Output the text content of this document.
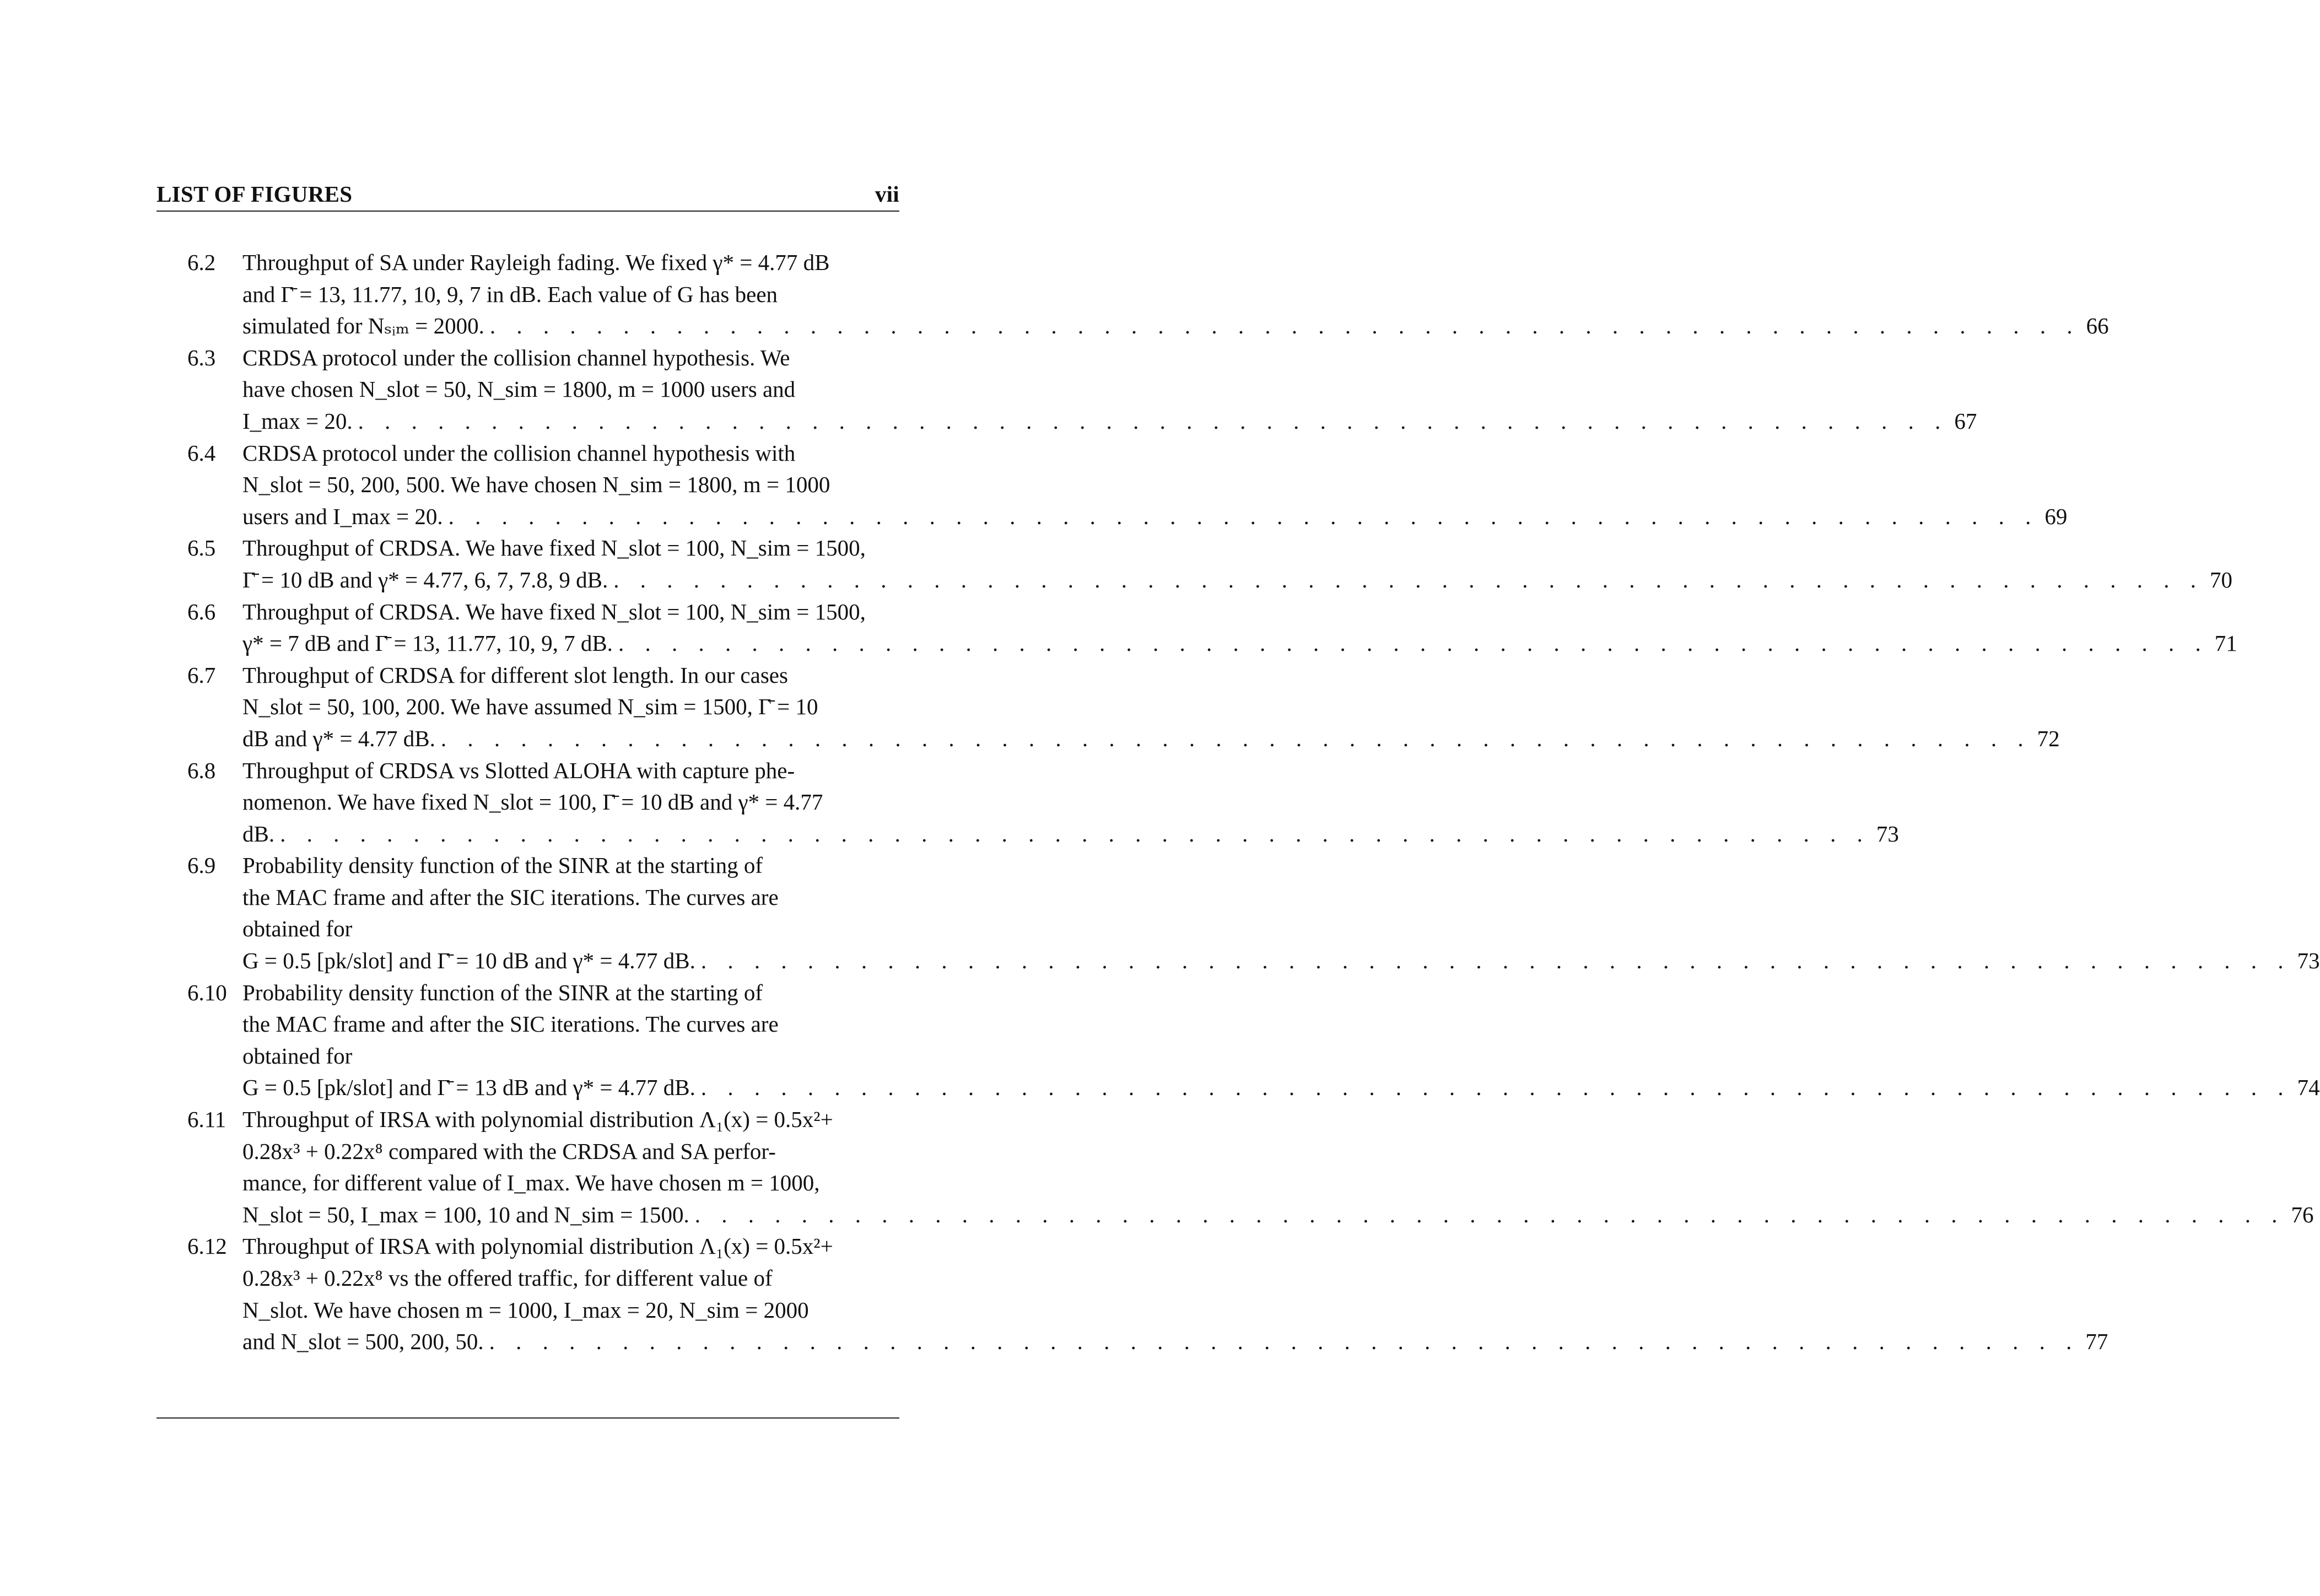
LIST OF FIGURES	vii
6.2 Throughput of SA under Rayleigh fading. We fixed γ* = 4.77 dB
and Γ̄ = 13, 11.77, 10, 9, 7 in dB. Each value of G has been
simulated for Nₛᵢₘ = 2000. . . . . . . . . . . . . . . . . . . . . . . . . . . . . . . . . . . . . . . . . . . . . . . . . . . . . . . . . . . . . 66
6.3 CRDSA protocol under the collision channel hypothesis. We
have chosen N_slot = 50, N_sim = 1800, m = 1000 users and
I_max = 20. . . . . . . . . . . . . . . . . . . . . . . . . . . . . . . . . . . . . . . . . . . . . . . . . . . . . . . . . . . . . 67
6.4 CRDSA protocol under the collision channel hypothesis with
N_slot = 50, 200, 500. We have chosen N_sim = 1800, m = 1000
users and I_max = 20. . . . . . . . . . . . . . . . . . . . . . . . . . . . . . . . . . . . . . . . . . . . . . . . . . . . . . . . . . . . . 69
6.5 Throughput of CRDSA. We have fixed N_slot = 100, N_sim = 1500,
Γ̄ = 10 dB and γ* = 4.77, 6, 7, 7.8, 9 dB. . . . . . . . . . . . . . . . . . . . . . . . . . . . . . . . . . . . . . . . . . . . . . . . . . . . . . . . . . . . . 70
6.6 Throughput of CRDSA. We have fixed N_slot = 100, N_sim = 1500,
γ* = 7 dB and Γ̄ = 13, 11.77, 10, 9, 7 dB. . . . . . . . . . . . . . . . . . . . . . . . . . . . . . . . . . . . . . . . . . . . . . . . . . . . . . . . . . . . . 71
6.7 Throughput of CRDSA for different slot length. In our cases
N_slot = 50, 100, 200. We have assumed N_sim = 1500, Γ̄ = 10
dB and γ* = 4.77 dB. . . . . . . . . . . . . . . . . . . . . . . . . . . . . . . . . . . . . . . . . . . . . . . . . . . . . . . . . . . . . 72
6.8 Throughput of CRDSA vs Slotted ALOHA with capture phe-
nomenon. We have fixed N_slot = 100, Γ̄ = 10 dB and γ* = 4.77
dB. . . . . . . . . . . . . . . . . . . . . . . . . . . . . . . . . . . . . . . . . . . . . . . . . . . . . . . . . . . . . 73
6.9 Probability density function of the SINR at the starting of
the MAC frame and after the SIC iterations. The curves are
obtained for
G = 0.5 [pk/slot] and Γ̄ = 10 dB and γ* = 4.77 dB. . . . . . . . . . . . . . . . . . . . . . . . . . . . . . . . . . . . . . . . . . . . . . . . . . . . . . . . . . . . . 73
6.10 Probability density function of the SINR at the starting of
the MAC frame and after the SIC iterations. The curves are
obtained for
G = 0.5 [pk/slot] and Γ̄ = 13 dB and γ* = 4.77 dB. . . . . . . . . . . . . . . . . . . . . . . . . . . . . . . . . . . . . . . . . . . . . . . . . . . . . . . . . . . . . 74
6.11 Throughput of IRSA with polynomial distribution Λ₁(x) = 0.5x²+
0.28x³ + 0.22x⁸ compared with the CRDSA and SA perfor-
mance, for different value of I_max. We have chosen m = 1000,
N_slot = 50, I_max = 100, 10 and N_sim = 1500. . . . . . . . . . . . . . . . . . . . . . . . . . . . . . . . . . . . . . . . . . . . . . . . . . . . . . . . . . . . . 76
6.12 Throughput of IRSA with polynomial distribution Λ₁(x) = 0.5x²+
0.28x³ + 0.22x⁸ vs the offered traffic, for different value of
N_slot. We have chosen m = 1000, I_max = 20, N_sim = 2000
and N_slot = 500, 200, 50. . . . . . . . . . . . . . . . . . . . . . . . . . . . . . . . . . . . . . . . . . . . . . . . . . . . . . . . . . . . . 77
